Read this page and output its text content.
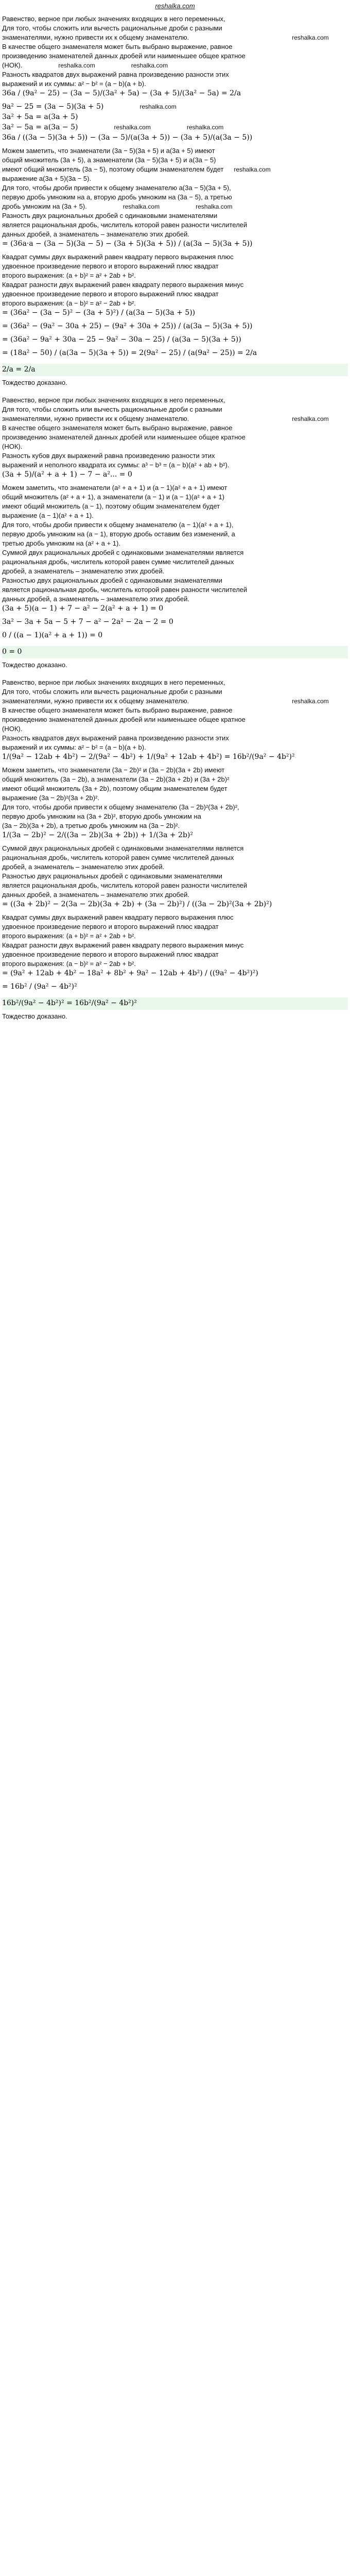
reshalka.com
Равенство, верное при любых значениях входящих в него переменных,
Для того, чтобы сложить или вычесть рациональные дроби с разными
знаменателями, нужно привести их к общему знаменателю.	reshalka.com
В качестве общего знаменателя может быть выбрано выражение, равное
произведению знаменателей данных дробей или наименьшее общее кратное
(НОК).	reshalka.com	reshalka.com
Разность квадратов двух выражений равна произведению разности этих
выражений и их суммы: a² − b² = (a − b)(a + b).
36a / (9a² − 25) − (3a − 5)/(3a² + 5a) − (3a + 5)/(3a² − 5a) = 2/a
9a² − 25 = (3a − 5)(3a + 5)	reshalka.com
3a² + 5a = a(3a + 5)
3a² − 5a = a(3a − 5)	reshalka.com	reshalka.com
36a / ((3a − 5)(3a + 5)) − (3a − 5)/(a(3a + 5)) − (3a + 5)/(a(3a − 5))
Можем заметить, что знаменатели (3a − 5)(3a + 5) и a(3a + 5) имеют
общий множитель (3a + 5), а знаменатели (3a − 5)(3a + 5) и a(3a − 5)
имеют общий множитель (3a − 5), поэтому общим знаменателем будет reshalka.com
выражение a(3a + 5)(3a − 5).
Для того, чтобы дроби привести к общему знаменателю a(3a − 5)(3a + 5),
первую дробь умножим на a, вторую дробь умножим на (3a − 5), а третью
дробь умножим на (3a + 5).	reshalka.com	reshalka.com
Разность двух рациональных дробей с одинаковыми знаменателями
является рациональная дробь, числитель которой равен разности числителей
данных дробей, а знаменатель – знаменателю этих дробей.
= (36a·a − (3a − 5)(3a − 5) − (3a + 5)(3a + 5)) / (a(3a − 5)(3a + 5))
Квадрат суммы двух выражений равен квадрату первого выражения плюс
удвоенное произведение первого и второго выражений плюс квадрат
второго выражения: (a + b)² = a² + 2ab + b².
Квадрат разности двух выражений равен квадрату первого выражения минус
удвоенное произведение первого и второго выражений плюс квадрат
второго выражения: (a − b)² = a² − 2ab + b².
= (36a² − (3a − 5)² − (3a + 5)²) / (a(3a − 5)(3a + 5))
= (36a² − (9a² − 30a + 25) − (9a² + 30a + 25)) / (a(3a − 5)(3a + 5))
= (36a² − 9a² + 30a − 25 − 9a² − 30a − 25) / (a(3a − 5)(3a + 5))
= (18a² − 50) / (a(3a − 5)(3a + 5)) = 2(9a² − 25) / (a(9a² − 25)) = 2/a
2/a = 2/a
Тождество доказано.
Равенство, верное при любых значениях входящих в него переменных,
Для того, чтобы сложить или вычесть рациональные дроби с разными
знаменателями, нужно привести их к общему знаменателю.	reshalka.com
В качестве общего знаменателя может быть выбрано выражение, равное
произведению знаменателей данных дробей или наименьшее общее кратное
(НОК).
Разность кубов двух выражений равна произведению разности этих
выражений и неполного квадрата их суммы: a³ − b³ = (a − b)(a² + ab + b²).
(3a + 5)/(a² + a + 1) − 7 − a²... = 0
Можем заметить, что знаменатели (a² + a + 1) и (a − 1)(a² + a + 1) имеют
общий множитель (a² + a + 1), а знаменатели (a − 1) и (a − 1)(a² + a + 1)
имеют общий множитель (a − 1), поэтому общим знаменателем будет
выражение (a − 1)(a² + a + 1).
Для того, чтобы дроби привести к общему знаменателю (a − 1)(a² + a + 1),
первую дробь умножим на (a − 1), вторую дробь оставим без изменений, а
третью дробь умножим на (a² + a + 1).
Суммой двух рациональных дробей с одинаковыми знаменателями является
рациональная дробь, числитель которой равен сумме числителей данных
дробей, а знаменатель – знаменателю этих дробей.
Разностью двух рациональных дробей с одинаковыми знаменателями
является рациональная дробь, числитель которой равен разности числителей
данных дробей, а знаменатель – знаменателю этих дробей.
(3a + 5)(a − 1) + 7 − a² − 2(a² + a + 1) = 0
3a² − 3a + 5a − 5 + 7 − a² − 2a² − 2a − 2 = 0
0 / ((a − 1)(a² + a + 1)) = 0
0 = 0
Тождество доказано.
Равенство, верное при любых значениях входящих в него переменных,
Для того, чтобы сложить или вычесть рациональные дроби с разными
знаменателями, нужно привести их к общему знаменателю.	reshalka.com
В качестве общего знаменателя может быть выбрано выражение, равное
произведению знаменателей данных дробей или наименьшее общее кратное
(НОК).
Разность квадратов двух выражений равна произведению разности этих
выражений и их суммы: a² − b² = (a − b)(a + b).
1/(9a² − 12ab + 4b²) − 2/(9a² − 4b²) + 1/(9a² + 12ab + 4b²) = 16b²/(9a² − 4b²)²
Можем заметить, что знаменатели (3a − 2b)² и (3a − 2b)(3a + 2b) имеют
общий множитель (3a − 2b), а знаменатели (3a − 2b)(3a + 2b) и (3a + 2b)²
имеют общий множитель (3a + 2b), поэтому общим знаменателем будет
выражение (3a − 2b)²(3a + 2b)².
Для того, чтобы дроби привести к общему знаменателю (3a − 2b)²(3a + 2b)²,
первую дробь умножим на (3a + 2b)², вторую дробь умножим на
(3a − 2b)(3a + 2b), а третью дробь умножим на (3a − 2b)².
1/(3a − 2b)² − 2/((3a − 2b)(3a + 2b)) + 1/(3a + 2b)²
Суммой двух рациональных дробей с одинаковыми знаменателями является
рациональная дробь, числитель которой равен сумме числителей данных
дробей, а знаменатель – знаменателю этих дробей.
Разностью двух рациональных дробей с одинаковыми знаменателями
является рациональная дробь, числитель которой равен разности числителей
данных дробей, а знаменатель – знаменателю этих дробей.
= ((3a + 2b)² − 2(3a − 2b)(3a + 2b) + (3a − 2b)²) / ((3a − 2b)²(3a + 2b)²)
Квадрат суммы двух выражений равен квадрату первого выражения плюс
удвоенное произведение первого и второго выражений плюс квадрат
второго выражения: (a + b)² = a² + 2ab + b².
Квадрат разности двух выражений равен квадрату первого выражения минус
удвоенное произведение первого и второго выражений плюс квадрат
второго выражения: (a − b)² = a² − 2ab + b².
= (9a² + 12ab + 4b² − 18a² + 8b² + 9a² − 12ab + 4b²) / ((9a² − 4b²)²)
= 16b² / (9a² − 4b²)²
16b²/(9a² − 4b²)² = 16b²/(9a² − 4b²)²
Тождество доказано.
